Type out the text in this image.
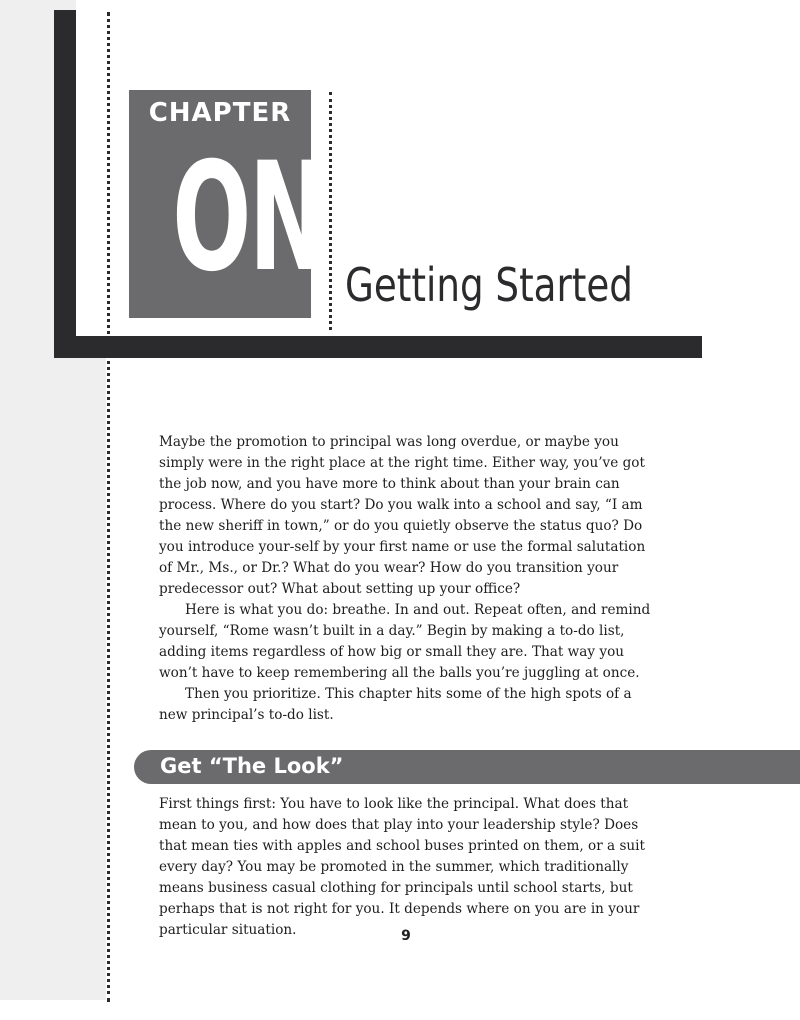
CHAPTER
ONE
Getting Started

Maybe the promotion to principal was long overdue, or maybe you simply were in the right place at the right time. Either way, you’ve got the job now, and you have more to think about than your brain can process. Where do you start? Do you walk into a school and say, “I am the new sheriff in town,” or do you quietly observe the status quo? Do you introduce your-self by your first name or use the formal salutation of Mr., Ms., or Dr.? What do you wear? How do you transition your predecessor out? What about setting up your office?

Here is what you do: breathe. In and out. Repeat often, and remind yourself, “Rome wasn’t built in a day.” Begin by making a to-do list, adding items regardless of how big or small they are. That way you won’t have to keep remembering all the balls you’re juggling at once.

Then you prioritize. This chapter hits some of the high spots of a new principal’s to-do list.

Get “The Look”

First things first: You have to look like the principal. What does that mean to you, and how does that play into your leadership style? Does that mean ties with apples and school buses printed on them, or a suit every day? You may be promoted in the summer, which traditionally means business casual clothing for principals until school starts, but perhaps that is not right for you. It depends where on you are in your particular situation.	9
